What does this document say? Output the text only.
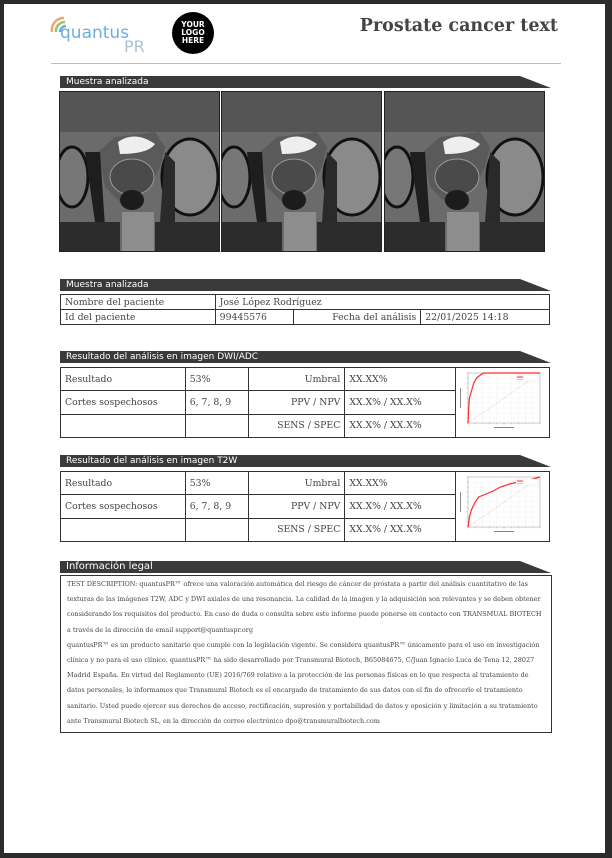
quantus
PR
YOUR
LOGO
HERE
Prostate cancer text
Muestra analizada
Muestra analizada
Nombre del paciente	José López Rodríguez		
Id del paciente	99445576	Fecha del análisis	22/01/2025 14:18
Resultado del análisis en imagen DWI/ADC
Resultado	53%	Umbral	XX.XX%	
Cortes sospechosos	6, 7, 8, 9	PPV / NPV	XX.X% / XX.X%	
		SENS / SPEC	XX.X% / XX.X%	
Resultado del análisis en imagen T2W
Resultado	53%	Umbral	XX.XX%	
Cortes sospechosos	6, 7, 8, 9	PPV / NPV	XX.X% / XX.X%	
		SENS / SPEC	XX.X% / XX.X%	
Información legal

TEST DESCRIPTION: quantusPR™ ofrece una valoración automática del riesgo de cáncer de próstata a partir del análisis cuantitativo de las texturas de las imágenes T2W, ADC y DWI axiales de una resonancia. La calidad de la imagen y la adquisición son relevantes y se deben obtener considerando los requisitos del producto. En caso de duda o consulta sobre este informe puede ponerse en contacto con TRANSMUAL BIOTECH a través de la dirección de email support@quantuspr.org

quantusPR™ es un producto sanitario que cumple con la legislación vigente. Se considera quantusPR™ únicamente para el uso en investigación clínica y no para el uso clínico. quantusPR™ ha sido desarrollado por Transmural Biotech, B65084675, C/Juan Ignacio Luca de Tena 12, 28027 Madrid España. En virtud del Reglamento (UE) 2016/769 relativo a la protección de las personas físicas en lo que respecta al tratamiento de datos personales, le informamos que Transmural Biotech es el encargado de tratamiento de sus datos con el fin de ofrecerle el tratamiento sanitario. Usted puede ejercer sus derechos de acceso, rectificación, supresión y portabilidad de datos y oposición y limitación a su tratamiento ante Transmural Biotech SL, en la dirección de correo electrónico dpo@transmuralbiotech.com
